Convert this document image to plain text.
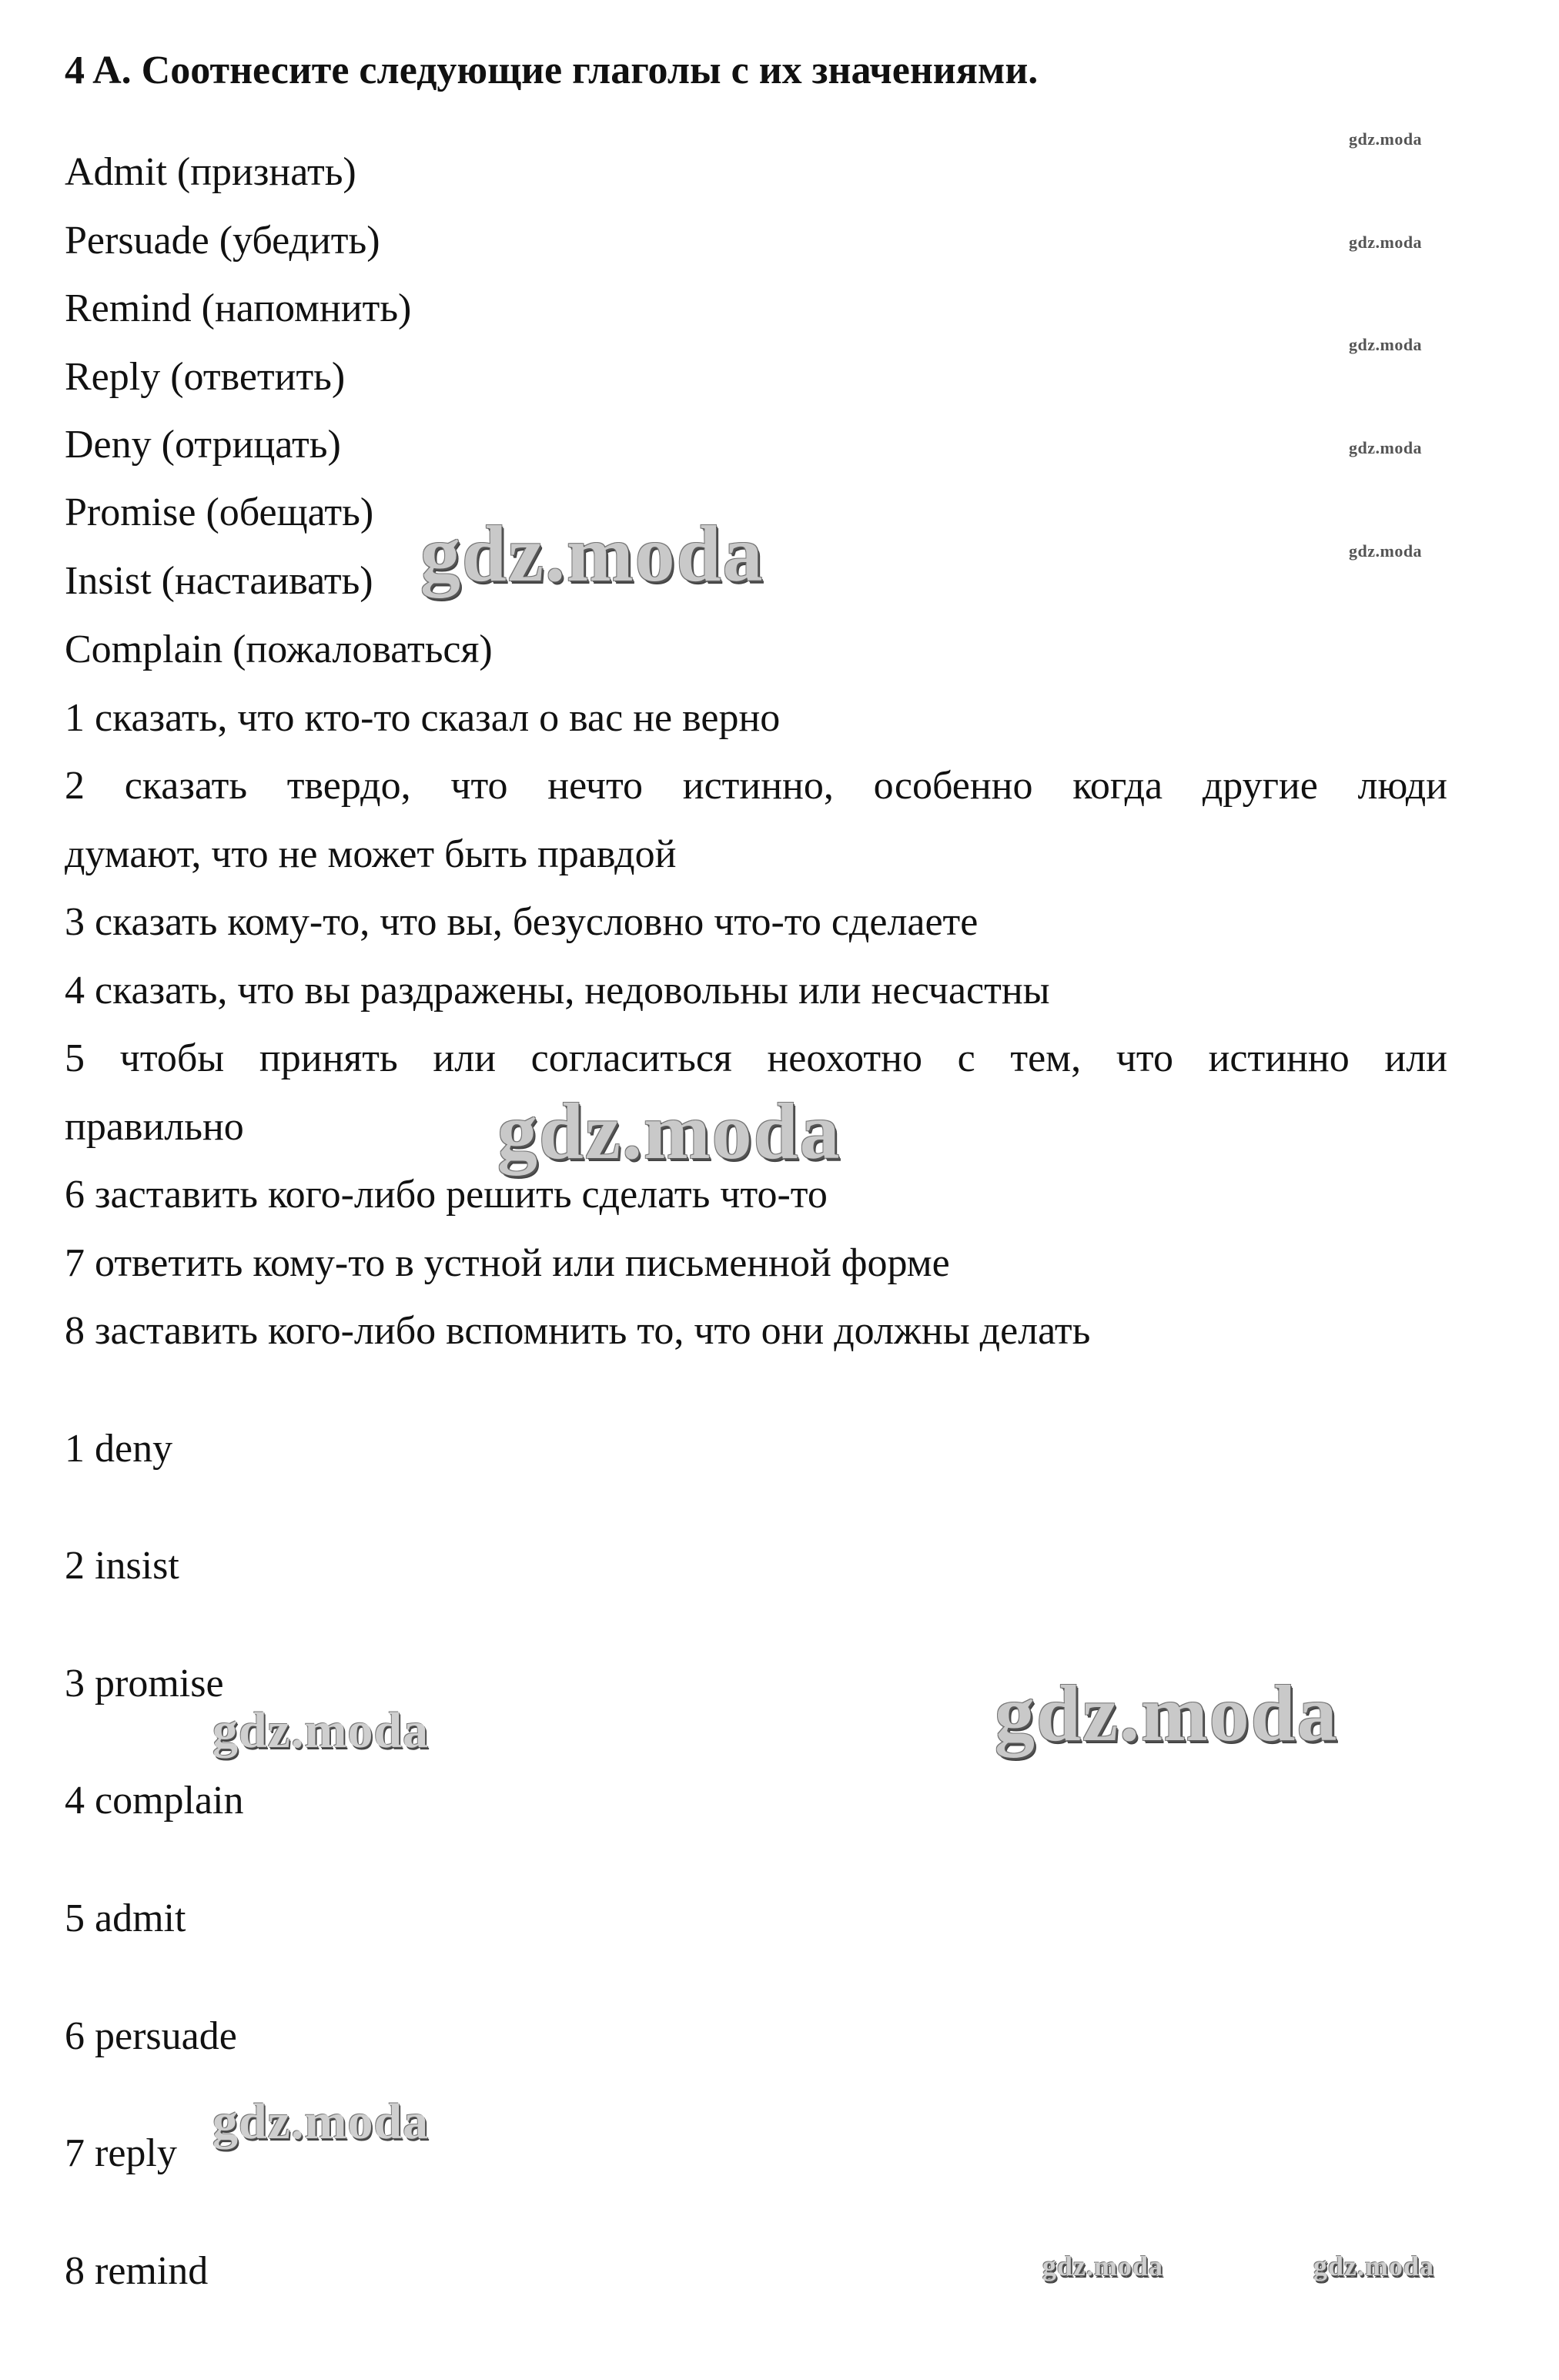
4 A. Соотнесите следующие глаголы с их значениями.
Admit (признать)
Persuade (убедить)
Remind (напомнить)
Reply (ответить)
Deny (отрицать)
Promise (обещать)
Insist (настаивать)
Complain (пожаловаться)
1 сказать, что кто-то сказал о вас не верно
2 сказать твердо, что нечто истинно, особенно когда другие люди
думают, что не может быть правдой
3 сказать кому-то, что вы, безусловно что-то сделаете
4 сказать, что вы раздражены, недовольны или несчастны
5 чтобы принять или согласиться неохотно с тем, что истинно или
правильно
6 заставить кого-либо решить сделать что-то
7 ответить кому-то в устной или письменной форме
8 заставить кого-либо вспомнить то, что они должны делать
1 deny
2 insist
3 promise
4 complain
5 admit
6 persuade
7 reply
8 remind
gdz.moda
gdz.moda
gdz.moda
gdz.moda
gdz.moda
gdz.moda
gdz.moda
gdz.moda
gdz.moda
gdz.moda
gdz.moda	gdz.moda
